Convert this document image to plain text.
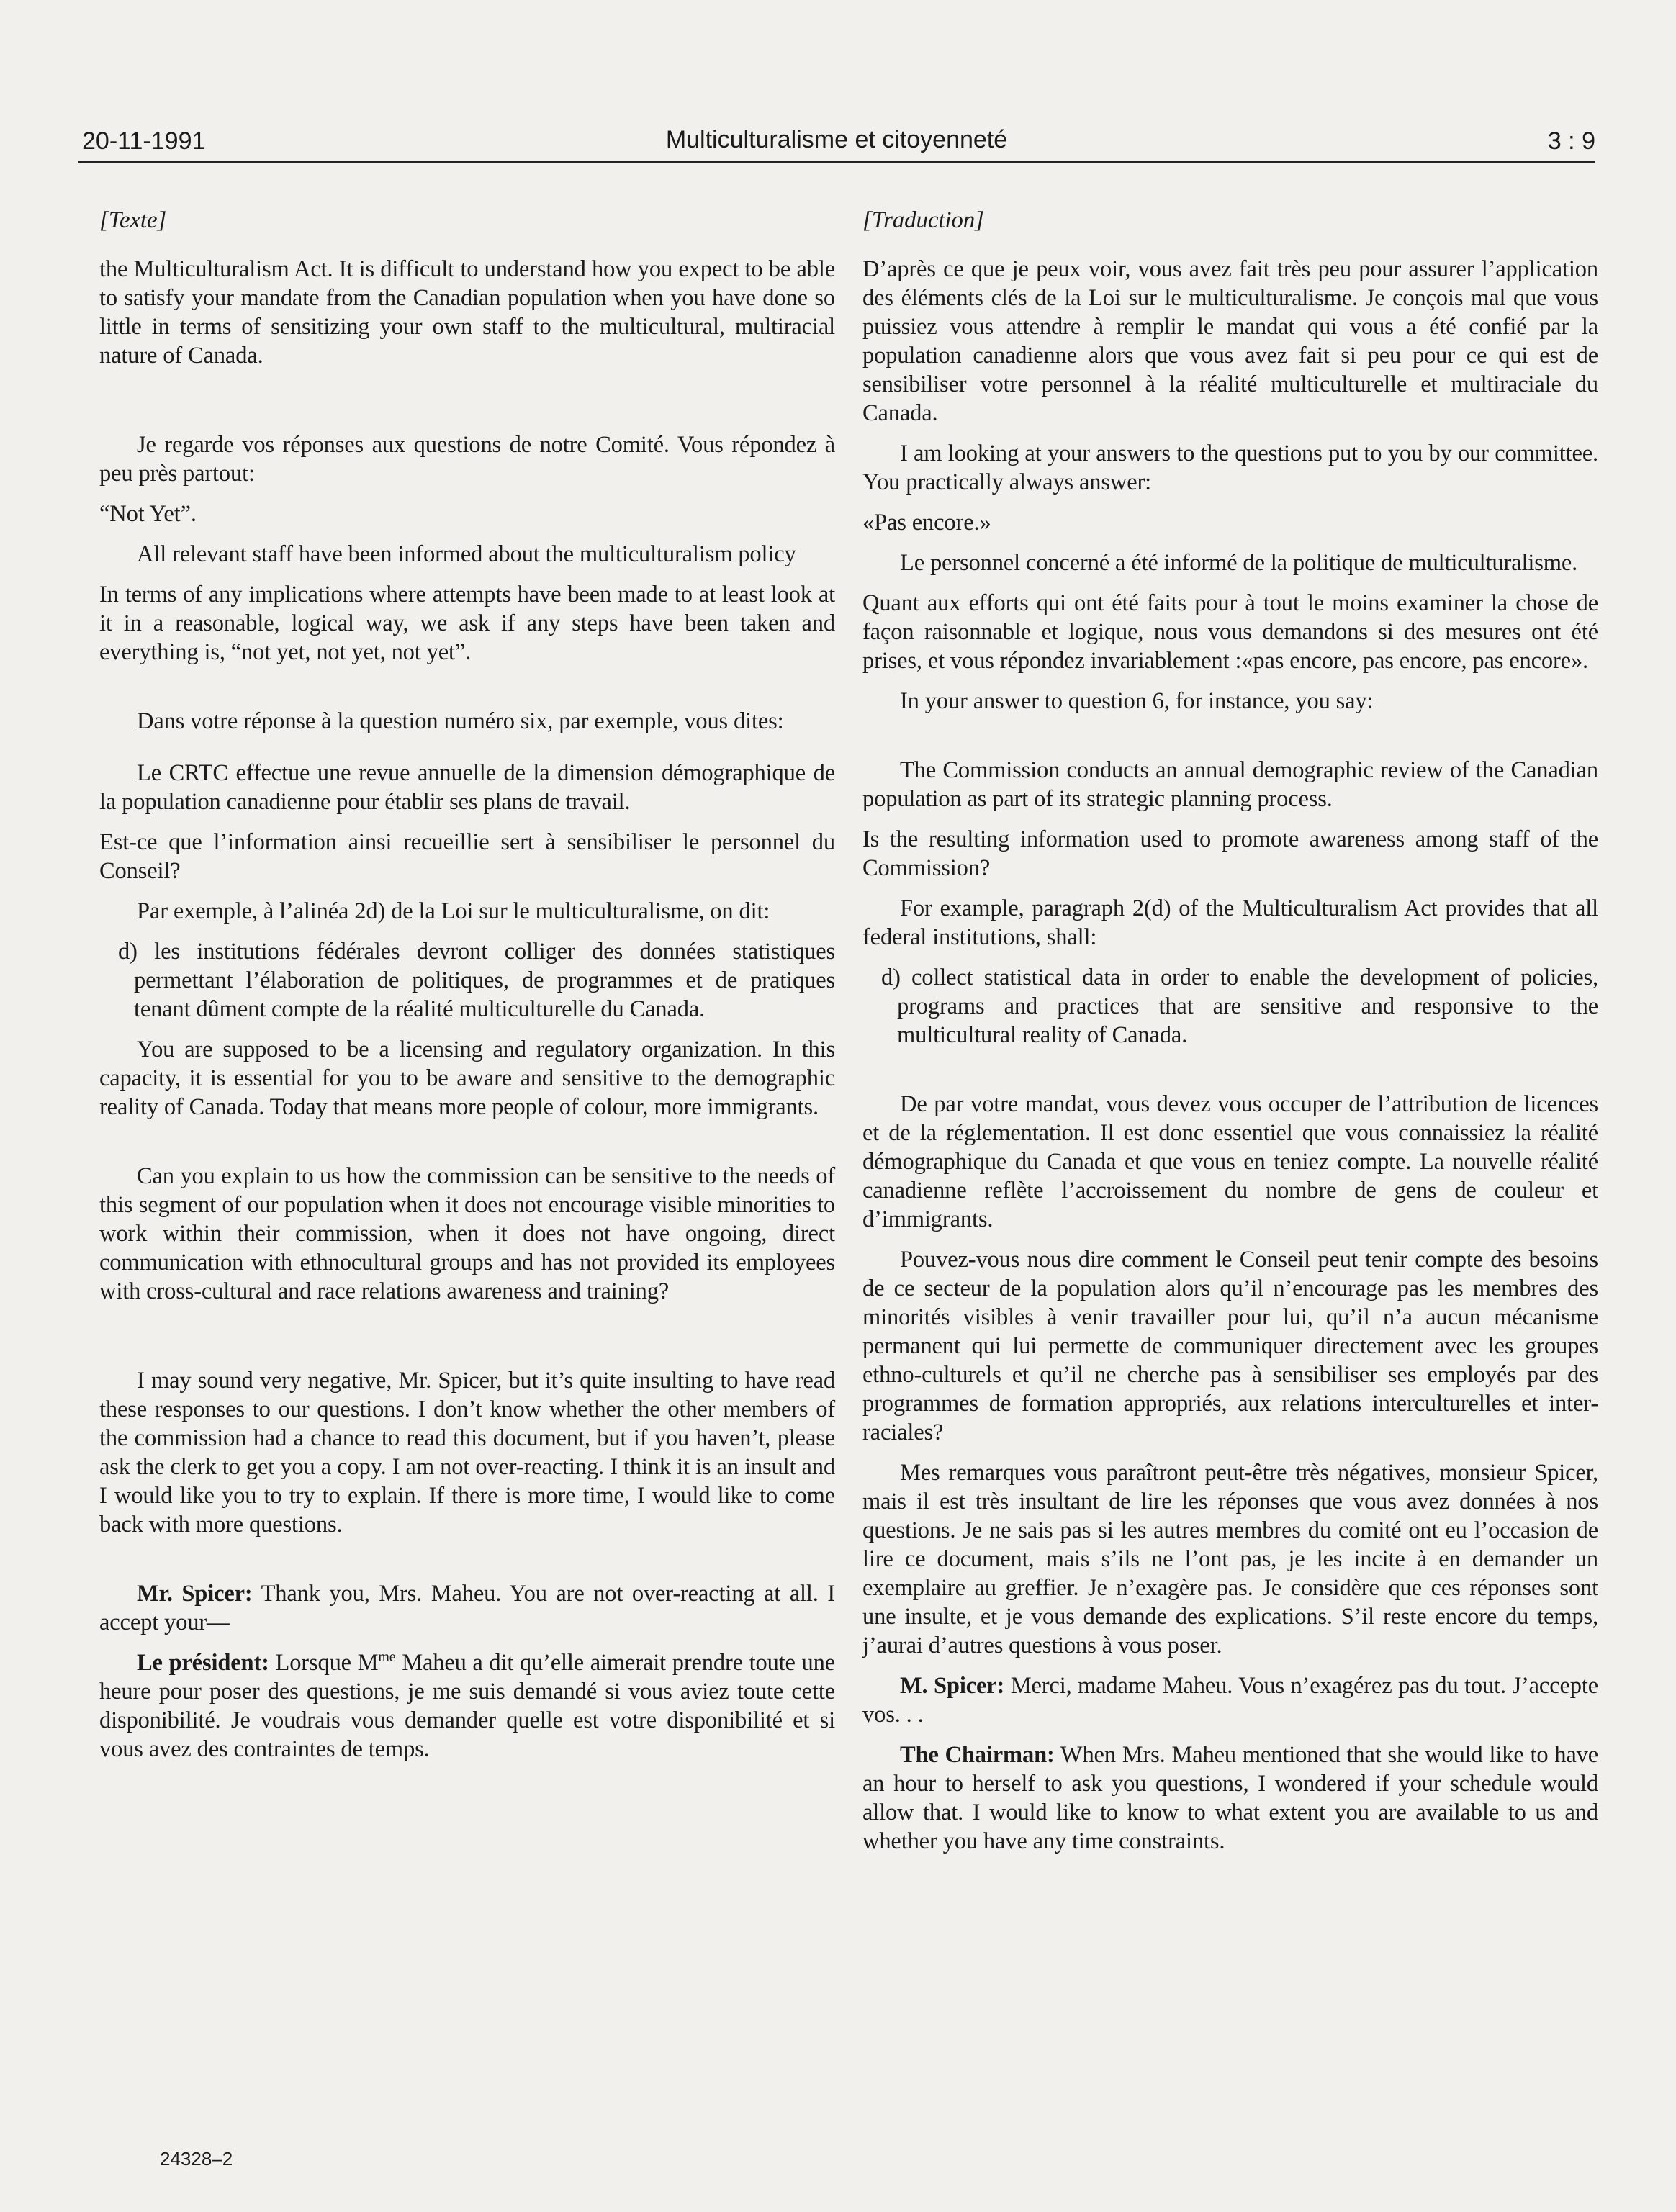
20-11-1991	Multiculturalisme et citoyenneté	3 : 9

[Texte]

the Multiculturalism Act. It is difficult to understand how you expect to be able to satisfy your mandate from the Canadian population when you have done so little in terms of sensitizing your own staff to the multicultural, multiracial nature of Canada.

Je regarde vos réponses aux questions de notre Comité. Vous répondez à peu près partout:

“Not Yet”.

All relevant staff have been informed about the multiculturalism policy

In terms of any implications where attempts have been made to at least look at it in a reasonable, logical way, we ask if any steps have been taken and everything is, “not yet, not yet, not yet”.

Dans votre réponse à la question numéro six, par exemple, vous dites:

Le CRTC effectue une revue annuelle de la dimension démographique de la population canadienne pour établir ses plans de travail.

Est-ce que l’information ainsi recueillie sert à sensibiliser le personnel du Conseil?

Par exemple, à l’alinéa 2d) de la Loi sur le multiculturalisme, on dit:

d) les institutions fédérales devront colliger des données statistiques permettant l’élaboration de politiques, de programmes et de pratiques tenant dûment compte de la réalité multiculturelle du Canada.

You are supposed to be a licensing and regulatory organization. In this capacity, it is essential for you to be aware and sensitive to the demographic reality of Canada. Today that means more people of colour, more immigrants.

Can you explain to us how the commission can be sensitive to the needs of this segment of our population when it does not encourage visible minorities to work within their commission, when it does not have ongoing, direct communication with ethnocultural groups and has not provided its employees with cross-cultural and race relations awareness and training?

I may sound very negative, Mr. Spicer, but it’s quite insulting to have read these responses to our questions. I don’t know whether the other members of the commission had a chance to read this document, but if you haven’t, please ask the clerk to get you a copy. I am not over-reacting. I think it is an insult and I would like you to try to explain. If there is more time, I would like to come back with more questions.

Mr. Spicer: Thank you, Mrs. Maheu. You are not over-reacting at all. I accept your—

Le président: Lorsque $M^{me}$ Maheu a dit qu’elle aimerait prendre toute une heure pour poser des questions, je me suis demandé si vous aviez toute cette disponibilité. Je voudrais vous demander quelle est votre disponibilité et si vous avez des contraintes de temps.

[Traduction]

D’après ce que je peux voir, vous avez fait très peu pour assurer l’application des éléments clés de la Loi sur le multiculturalisme. Je conçois mal que vous puissiez vous attendre à remplir le mandat qui vous a été confié par la population canadienne alors que vous avez fait si peu pour ce qui est de sensibiliser votre personnel à la réalité multiculturelle et multiraciale du Canada.

I am looking at your answers to the questions put to you by our committee. You practically always answer:

«Pas encore.»

Le personnel concerné a été informé de la politique de multiculturalisme.

Quant aux efforts qui ont été faits pour à tout le moins examiner la chose de façon raisonnable et logique, nous vous demandons si des mesures ont été prises, et vous répondez invariablement :«pas encore, pas encore, pas encore».

In your answer to question 6, for instance, you say:

The Commission conducts an annual demographic review of the Canadian population as part of its strategic planning process.

Is the resulting information used to promote awareness among staff of the Commission?

For example, paragraph 2(d) of the Multiculturalism Act provides that all federal institutions, shall:

d) collect statistical data in order to enable the development of policies, programs and practices that are sensitive and responsive to the multicultural reality of Canada.

De par votre mandat, vous devez vous occuper de l’attribution de licences et de la réglementation. Il est donc essentiel que vous connaissiez la réalité démographique du Canada et que vous en teniez compte. La nouvelle réalité canadienne reflète l’accroissement du nombre de gens de couleur et d’immigrants.

Pouvez-vous nous dire comment le Conseil peut tenir compte des besoins de ce secteur de la population alors qu’il n’encourage pas les membres des minorités visibles à venir travailler pour lui, qu’il n’a aucun mécanisme permanent qui lui permette de communiquer directement avec les groupes ethno-culturels et qu’il ne cherche pas à sensibiliser ses employés par des programmes de formation appropriés, aux relations interculturelles et inter-raciales?

Mes remarques vous paraîtront peut-être très négatives, monsieur Spicer, mais il est très insultant de lire les réponses que vous avez données à nos questions. Je ne sais pas si les autres membres du comité ont eu l’occasion de lire ce document, mais s’ils ne l’ont pas, je les incite à en demander un exemplaire au greffier. Je n’exagère pas. Je considère que ces réponses sont une insulte, et je vous demande des explications. S’il reste encore du temps, j’aurai d’autres questions à vous poser.

M. Spicer: Merci, madame Maheu. Vous n’exagérez pas du tout. J’accepte vos. . .

The Chairman: When Mrs. Maheu mentioned that she would like to have an hour to herself to ask you questions, I wondered if your schedule would allow that. I would like to know to what extent you are available to us and whether you have any time constraints.

24328–2
